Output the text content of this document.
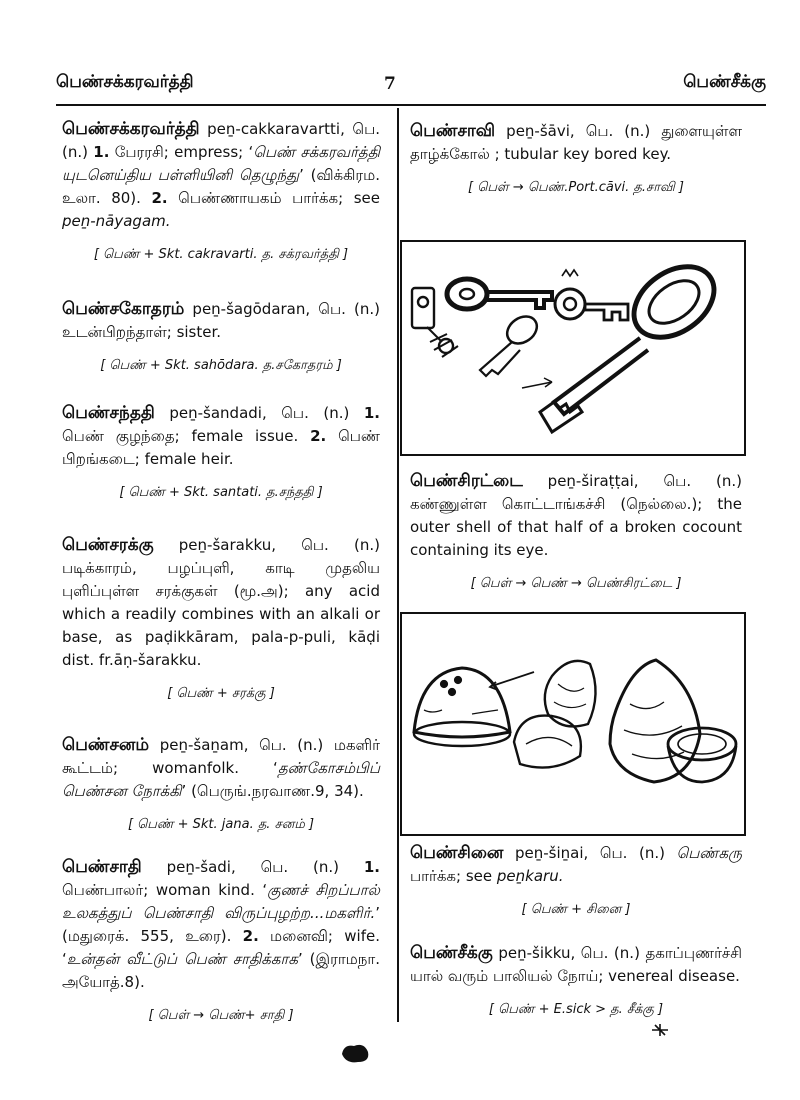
பெண்சக்கரவர்த்தி	7	பெண்சீக்கு

பெண்சக்கரவர்த்தி peṉ-cakkaravartti, பெ. (n.) 1. பேரரசி; empress; ‘பெண் சக்கரவர்த்தி யுடனெய்திய பள்ளியினி தெழுந்து’ (விக்கிரம. உலா. 80). 2. பெண்ணாயகம் பார்க்க; see peṉ-nāyagam.

[ பெண் + Skt. cakravarti. த. சக்ரவர்த்தி ]

பெண்சகோதரம் peṉ-šagōdaran, பெ. (n.) உடன்பிறந்தாள்; sister.

[ பெண் + Skt. sahōdara. த.சகோதரம் ]

பெண்சந்ததி peṉ-šandadi, பெ. (n.) 1. பெண் குழந்தை; female issue. 2. பெண் பிறங்கடை; female heir.

[ பெண் + Skt. santati. த.சந்ததி ]

பெண்சரக்கு peṉ-šarakku, பெ. (n.) படிக்காரம், பழப்புளி, காடி முதலிய புளிப்புள்ள சரக்குகள் (மூ.அ); any acid which a readily combines with an alkali or base, as paḍikkāram, pala-p-puli, kāḍi dist. fr.āṇ-šarakku.

[ பெண் + சரக்கு ]

பெண்சனம் peṉ-šaṉam, பெ. (n.) மகளிர் கூட்டம்; womanfolk. ‘தண்கோசம்பிப் பெண்சன நோக்கி’ (பெருங்.நரவாண.9, 34).

[ பெண் + Skt. jana. த. சனம் ]

பெண்சாதி peṉ-šadi, பெ. (n.) 1. பெண்பாலர்; woman kind. ‘குணச் சிறப்பால் உலகத்துப் பெண்சாதி விருப்புழற்ற...மகளிர்.’ (மதுரைக். 555, உரை). 2. மனைவி; wife. ‘உன்தன் வீட்டுப் பெண் சாதிக்காக’ (இராமநா. அயோத்.8).

[ பெள் → பெண்+ சாதி ]

பெண்சாவி peṉ-šāvi, பெ. (n.) துளையுள்ள தாழ்க்கோல் ; tubular key bored key.

[ பெள் → பெண்.Port.cāvi. த.சாவி ]

பெண்சிரட்டை peṉ-širaṭṭai, பெ. (n.) கண்ணுள்ள கொட்டாங்கச்சி (நெல்லை.); the outer shell of that half of a broken cocount containing its eye.

[ பெள் → பெண் → பெண்சிரட்டை ]

பெண்சினை peṉ-šiṉai, பெ. (n.) பெண்கரு பார்க்க; see peṉkaru.

[ பெண் + சினை ]

பெண்சீக்கு peṉ-šikku, பெ. (n.) தகாப்புணர்ச்சி யால் வரும் பாலியல் நோய்; venereal disease.

[ பெண் + E.sick > த. சீக்கு ]
